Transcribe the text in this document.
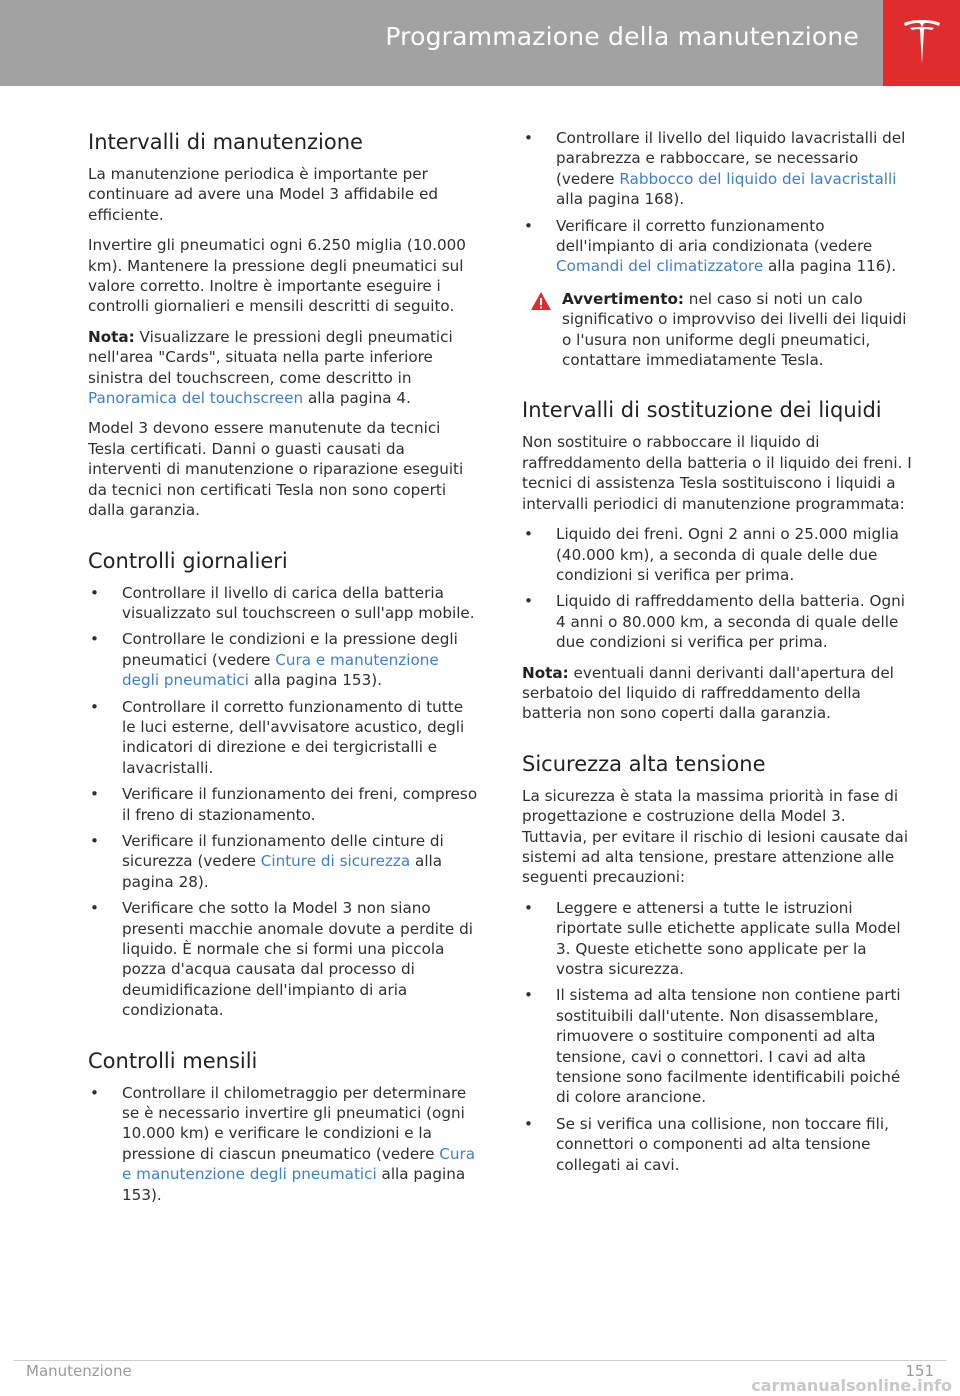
Programmazione della manutenzione
Intervalli di manutenzione

La manutenzione periodica è importante per continuare ad avere una Model 3 affidabile ed efficiente.

Invertire gli pneumatici ogni 6.250 miglia (10.000 km). Mantenere la pressione degli pneumatici sul valore corretto. Inoltre è importante eseguire i controlli giornalieri e mensili descritti di seguito.

Nota: Visualizzare le pressioni degli pneumatici nell'area "Cards", situata nella parte inferiore sinistra del touchscreen, come descritto in Panoramica del touchscreen alla pagina 4.

Model 3 devono essere manutenute da tecnici Tesla certificati. Danni o guasti causati da interventi di manutenzione o riparazione eseguiti da tecnici non certificati Tesla non sono coperti dalla garanzia.

Controlli giornalieri
• Controllare il livello di carica della batteria visualizzato sul touchscreen o sull'app mobile.
• Controllare le condizioni e la pressione degli pneumatici (vedere Cura e manutenzione degli pneumatici alla pagina 153).
• Controllare il corretto funzionamento di tutte le luci esterne, dell'avvisatore acustico, degli indicatori di direzione e dei tergicristalli e lavacristalli.
• Verificare il funzionamento dei freni, compreso il freno di stazionamento.
• Verificare il funzionamento delle cinture di sicurezza (vedere Cinture di sicurezza alla pagina 28).
• Verificare che sotto la Model 3 non siano presenti macchie anomale dovute a perdite di liquido. È normale che si formi una piccola pozza d'acqua causata dal processo di deumidificazione dell'impianto di aria condizionata.
Controlli mensili
• Controllare il chilometraggio per determinare se è necessario invertire gli pneumatici (ogni 10.000 km) e verificare le condizioni e la pressione di ciascun pneumatico (vedere Cura e manutenzione degli pneumatici alla pagina 153).
• Controllare il livello del liquido lavacristalli del parabrezza e rabboccare, se necessario (vedere Rabbocco del liquido dei lavacristalli alla pagina 168).
• Verificare il corretto funzionamento dell'impianto di aria condizionata (vedere Comandi del climatizzatore alla pagina 116).

Avvertimento: nel caso si noti un calo significativo o improvviso dei livelli dei liquidi o l'usura non uniforme degli pneumatici, contattare immediatamente Tesla.

Intervalli di sostituzione dei liquidi

Non sostituire o rabboccare il liquido di raffreddamento della batteria o il liquido dei freni. I tecnici di assistenza Tesla sostituiscono i liquidi a intervalli periodici di manutenzione programmata:

• Liquido dei freni. Ogni 2 anni o 25.000 miglia (40.000 km), a seconda di quale delle due condizioni si verifica per prima.
• Liquido di raffreddamento della batteria. Ogni 4 anni o 80.000 km, a seconda di quale delle due condizioni si verifica per prima.

Nota: eventuali danni derivanti dall'apertura del serbatoio del liquido di raffreddamento della batteria non sono coperti dalla garanzia.

Sicurezza alta tensione

La sicurezza è stata la massima priorità in fase di progettazione e costruzione della Model 3. Tuttavia, per evitare il rischio di lesioni causate dai sistemi ad alta tensione, prestare attenzione alle seguenti precauzioni:

• Leggere e attenersi a tutte le istruzioni riportate sulle etichette applicate sulla Model 3. Queste etichette sono applicate per la vostra sicurezza.
• Il sistema ad alta tensione non contiene parti sostituibili dall'utente. Non disassemblare, rimuovere o sostituire componenti ad alta tensione, cavi o connettori. I cavi ad alta tensione sono facilmente identificabili poiché di colore arancione.
• Se si verifica una collisione, non toccare fili, connettori o componenti ad alta tensione collegati ai cavi.
Manutenzione	151
carmanualsonline.info
